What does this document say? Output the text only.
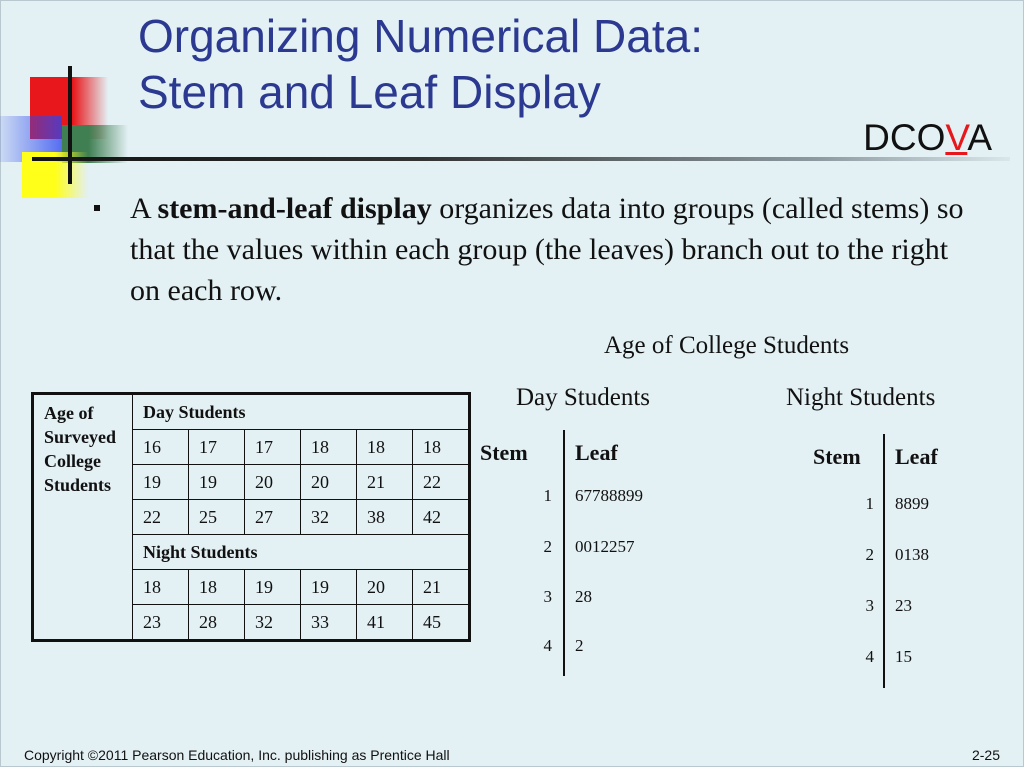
Organizing Numerical Data:
Stem and Leaf Display
DCOVA
A stem-and-leaf display organizes data into groups (called stems) so that the values within each group (the leaves) branch out to the right on each row.
Age of
Surveyed
College
Students	Day Students					
	16	17	17	18	18	18
	19	19	20	20	21	22
	22	25	27	32	38	42
	Night Students					
	18	18	19	19	20	21
	23	28	32	33	41	45
Age of College Students
Day Students
Stem Leaf
1 67788899
2 0012257
3 28
4 2
Night Students
Stem Leaf
1 8899
2 0138
3 23
4 15
Copyright ©2011 Pearson Education, Inc. publishing as Prentice Hall	2-25
